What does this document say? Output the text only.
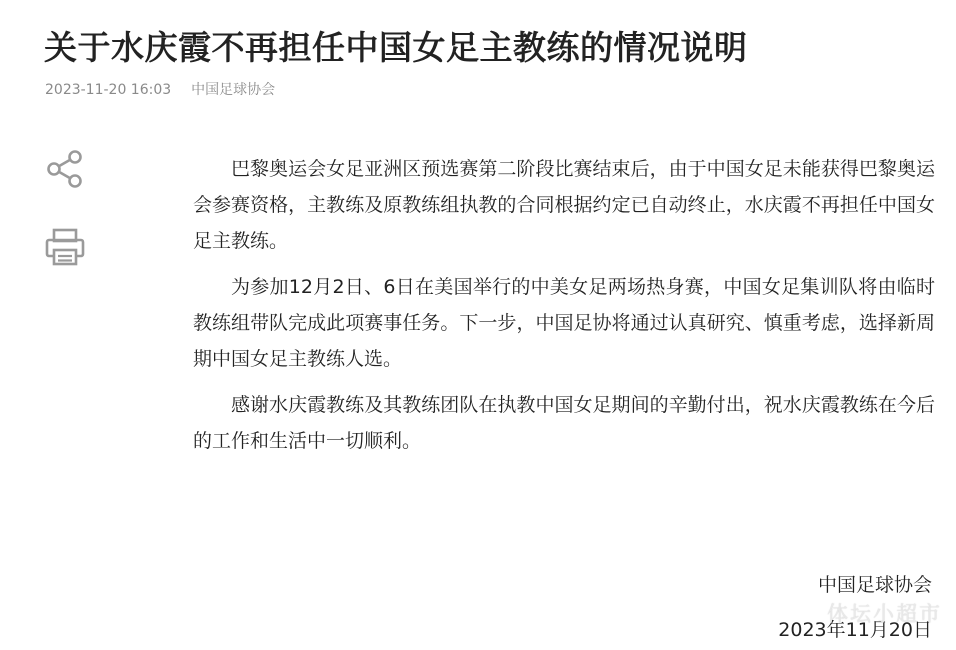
关于水庆霞不再担任中国女足主教练的情况说明
2023-11-20 16:03 中国足球协会

巴黎奥运会女足亚洲区预选赛第二阶段比赛结束后，由于中国女足未能获得巴黎奥运会参赛资格，主教练及原教练组执教的合同根据约定已自动终止，水庆霞不再担任中国女足主教练。

为参加12月2日、6日在美国举行的中美女足两场热身赛，中国女足集训队将由临时教练组带队完成此项赛事任务。下一步，中国足协将通过认真研究、慎重考虑，选择新周期中国女足主教练人选。

感谢水庆霞教练及其教练团队在执教中国女足期间的辛勤付出，祝水庆霞教练在今后的工作和生活中一切顺利。

中国足球协会
2023年11月20日
体坛小超市
